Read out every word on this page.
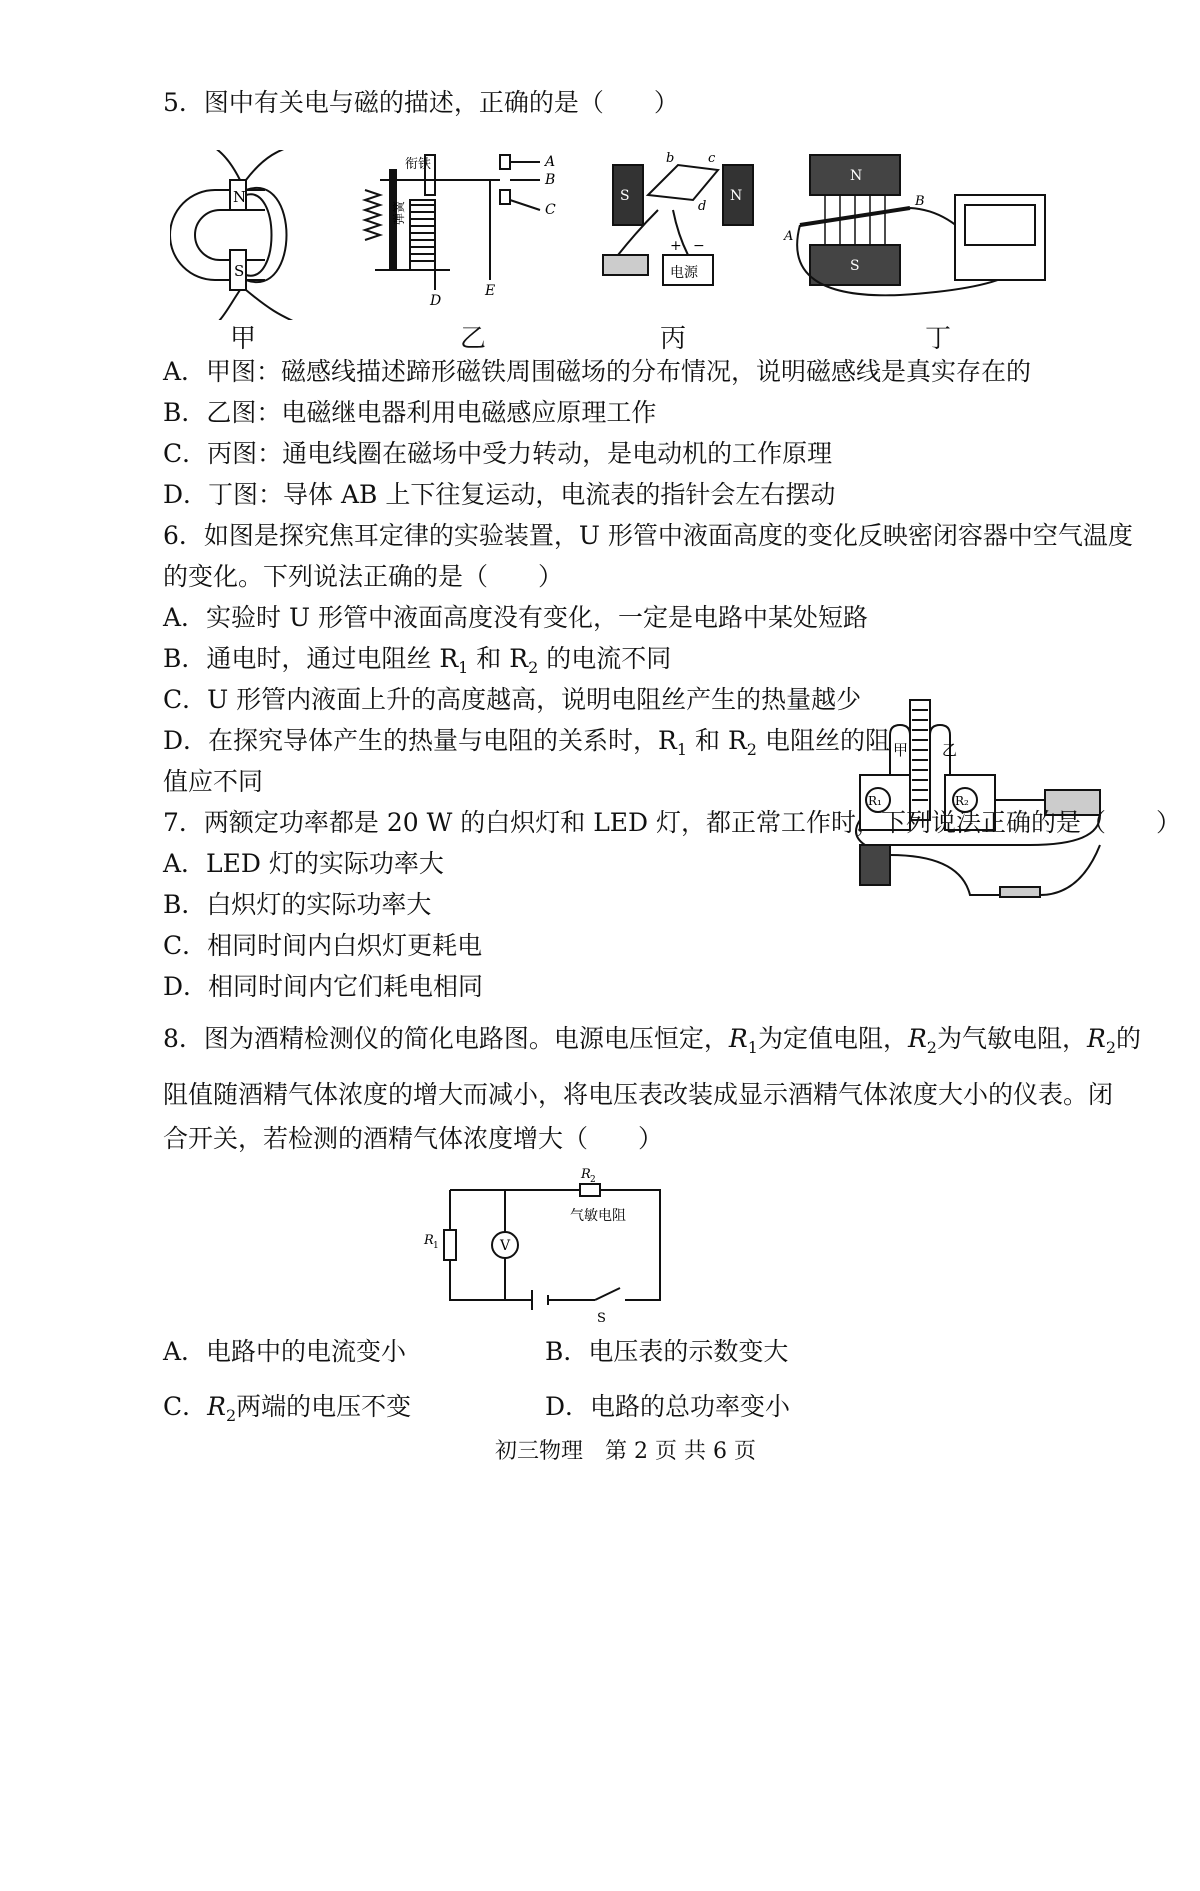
5．图中有关电与磁的描述，正确的是（　　）
N
S
甲
衔铁
弹簧
A
B
C
D
E
乙
S	N
b	c
d
+ −
电源
丙
N
S
A
B
丁
A．甲图：磁感线描述蹄形磁铁周围磁场的分布情况，说明磁感线是真实存在的
B．乙图：电磁继电器利用电磁感应原理工作
C．丙图：通电线圈在磁场中受力转动，是电动机的工作原理
D．丁图：导体 AB 上下往复运动，电流表的指针会左右摆动
6．如图是探究焦耳定律的实验装置，U 形管中液面高度的变化反映密闭容器中空气温度
的变化。下列说法正确的是（　　）
A．实验时 U 形管中液面高度没有变化，一定是电路中某处短路
B．通电时，通过电阻丝 $R_1$ 和 $R_2$ 的电流不同
C．U 形管内液面上升的高度越高，说明电阻丝产生的热量越少
D．在探究导体产生的热量与电阻的关系时，$R_1$ 和 $R_2$ 电阻丝的阻
值应不同
甲 乙
R₁	R₂
7．两额定功率都是 20 W 的白炽灯和 LED 灯，都正常工作时，下列说法正确的是（　　）
A．LED 灯的实际功率大
B．白炽灯的实际功率大
C．相同时间内白炽灯更耗电
D．相同时间内它们耗电相同
8．图为酒精检测仪的简化电路图。电源电压恒定，$R_1$为定值电阻，$R_2$为气敏电阻，$R_2$的
阻值随酒精气体浓度的增大而减小，将电压表改装成显示酒精气体浓度大小的仪表。闭
合开关，若检测的酒精气体浓度增大（　　）
R 2
气敏电阻
R 1	V
S
A．电路中的电流变小	B．电压表的示数变大
C．$R_2$两端的电压不变	D．电路的总功率变小
初三物理　第 2 页 共 6 页
